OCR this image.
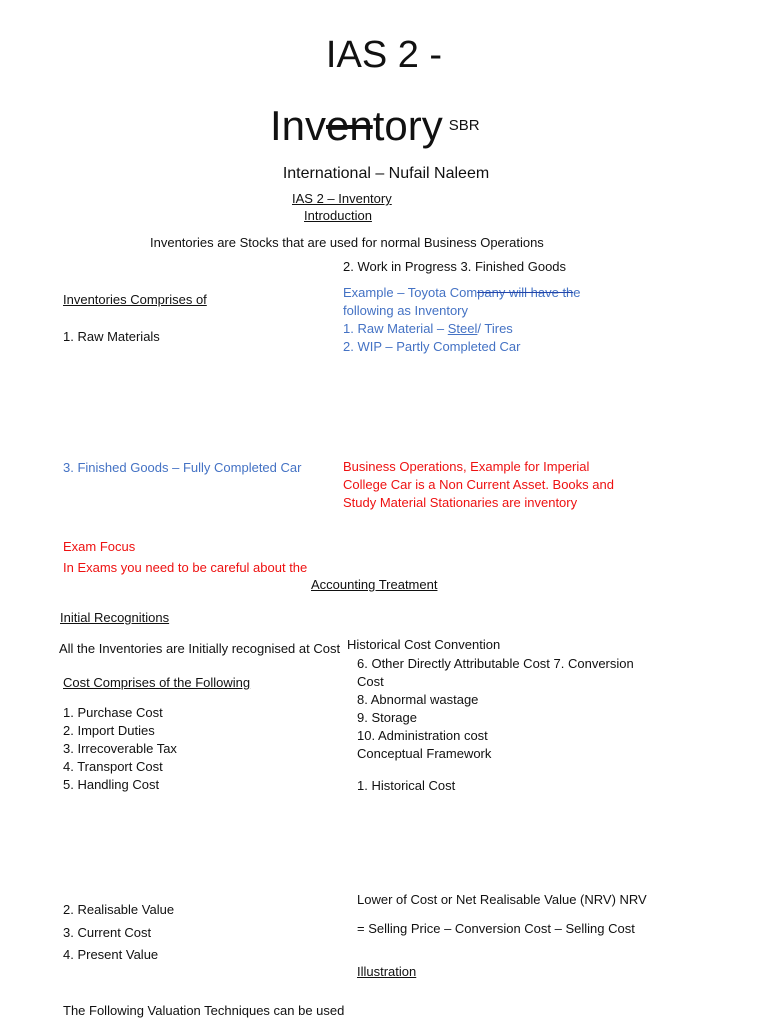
IAS 2 -
Inventory $^{SBR}$
International – Nufail Naleem
IAS 2 – Inventory
Introduction
Inventories are Stocks that are used for normal Business Operations
2. Work in Progress 3. Finished Goods
Inventories Comprises of
1. Raw Materials
Example – Toyota Company will have the
following as Inventory
1. Raw Material – Steel/ Tires
2. WIP – Partly Completed Car
3. Finished Goods – Fully Completed Car	Business Operations, Example for Imperial
College Car is a Non Current Asset. Books and
Study Material Stationaries are inventory
Exam Focus
In Exams you need to be careful about the
Accounting Treatment
Initial Recognitions
All the Inventories are Initially recognised at Cost Historical Cost Convention
6. Other Directly Attributable Cost 7. Conversion
Cost
8. Abnormal wastage
9. Storage
10. Administration cost
Conceptual Framework
Cost Comprises of the Following
1. Purchase Cost
2. Import Duties
3. Irrecoverable Tax
4. Transport Cost
5. Handling Cost	1. Historical Cost
Lower of Cost or Net Realisable Value (NRV) NRV
2. Realisable Value
= Selling Price – Conversion Cost – Selling Cost
3. Current Cost
4. Present Value
Illustration
The Following Valuation Techniques can be used
